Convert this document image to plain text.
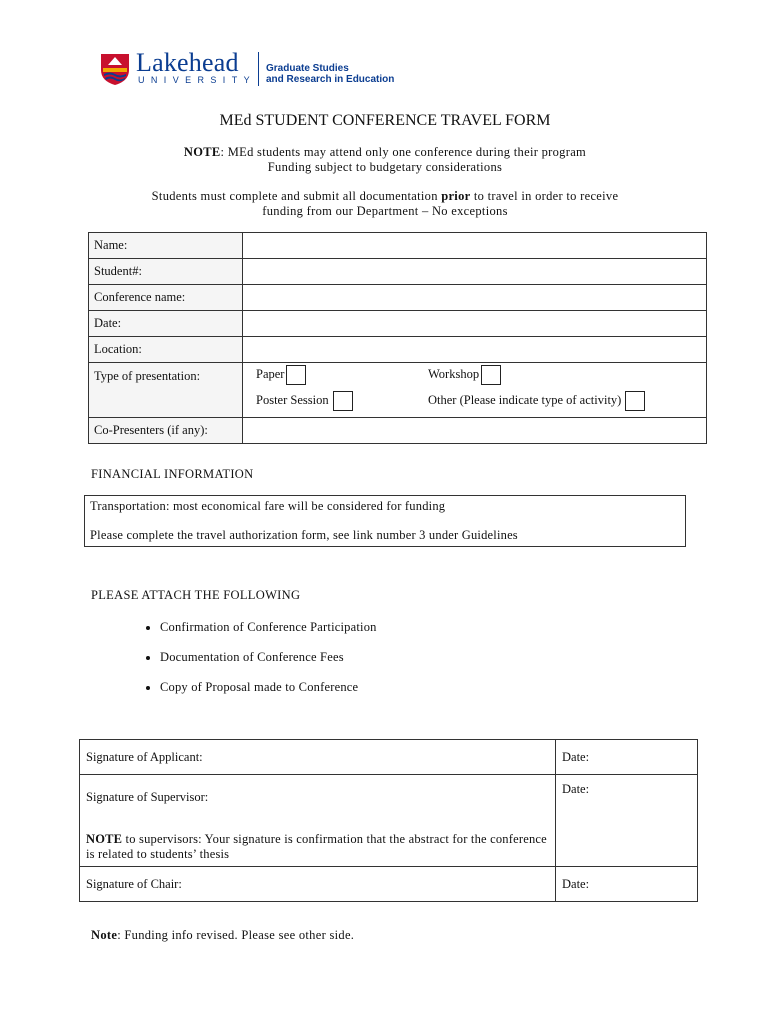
Lakehead
UNIVERSITY
Graduate Studies
and Research in Education
MEd STUDENT CONFERENCE TRAVEL FORM
NOTE: MEd students may attend only one conference during their program
Funding subject to budgetary considerations
Students must complete and submit all documentation prior to travel in order to receive
funding from our Department – No exceptions
Name:	
Student#:	
Conference name:	
Date:	
Location:	
Type of presentation:	Paper Workshop
Poster Session Other (Please indicate type of activity)

Co-Presenters (if any):	
FINANCIAL INFORMATION
Transportation: most economical fare will be considered for funding
Please complete the travel authorization form, see link number 3 under Guidelines
PLEASE ATTACH THE FOLLOWING
• Confirmation of Conference Participation
• Documentation of Conference Fees
• Copy of Proposal made to Conference
Signature of Applicant:	Date:

Signature of Supervisor:
NOTE to supervisors: Your signature is confirmation that the abstract for the conference is related to students’ thesis	Date:
Signature of Chair:	Date:
Note: Funding info revised. Please see other side.
